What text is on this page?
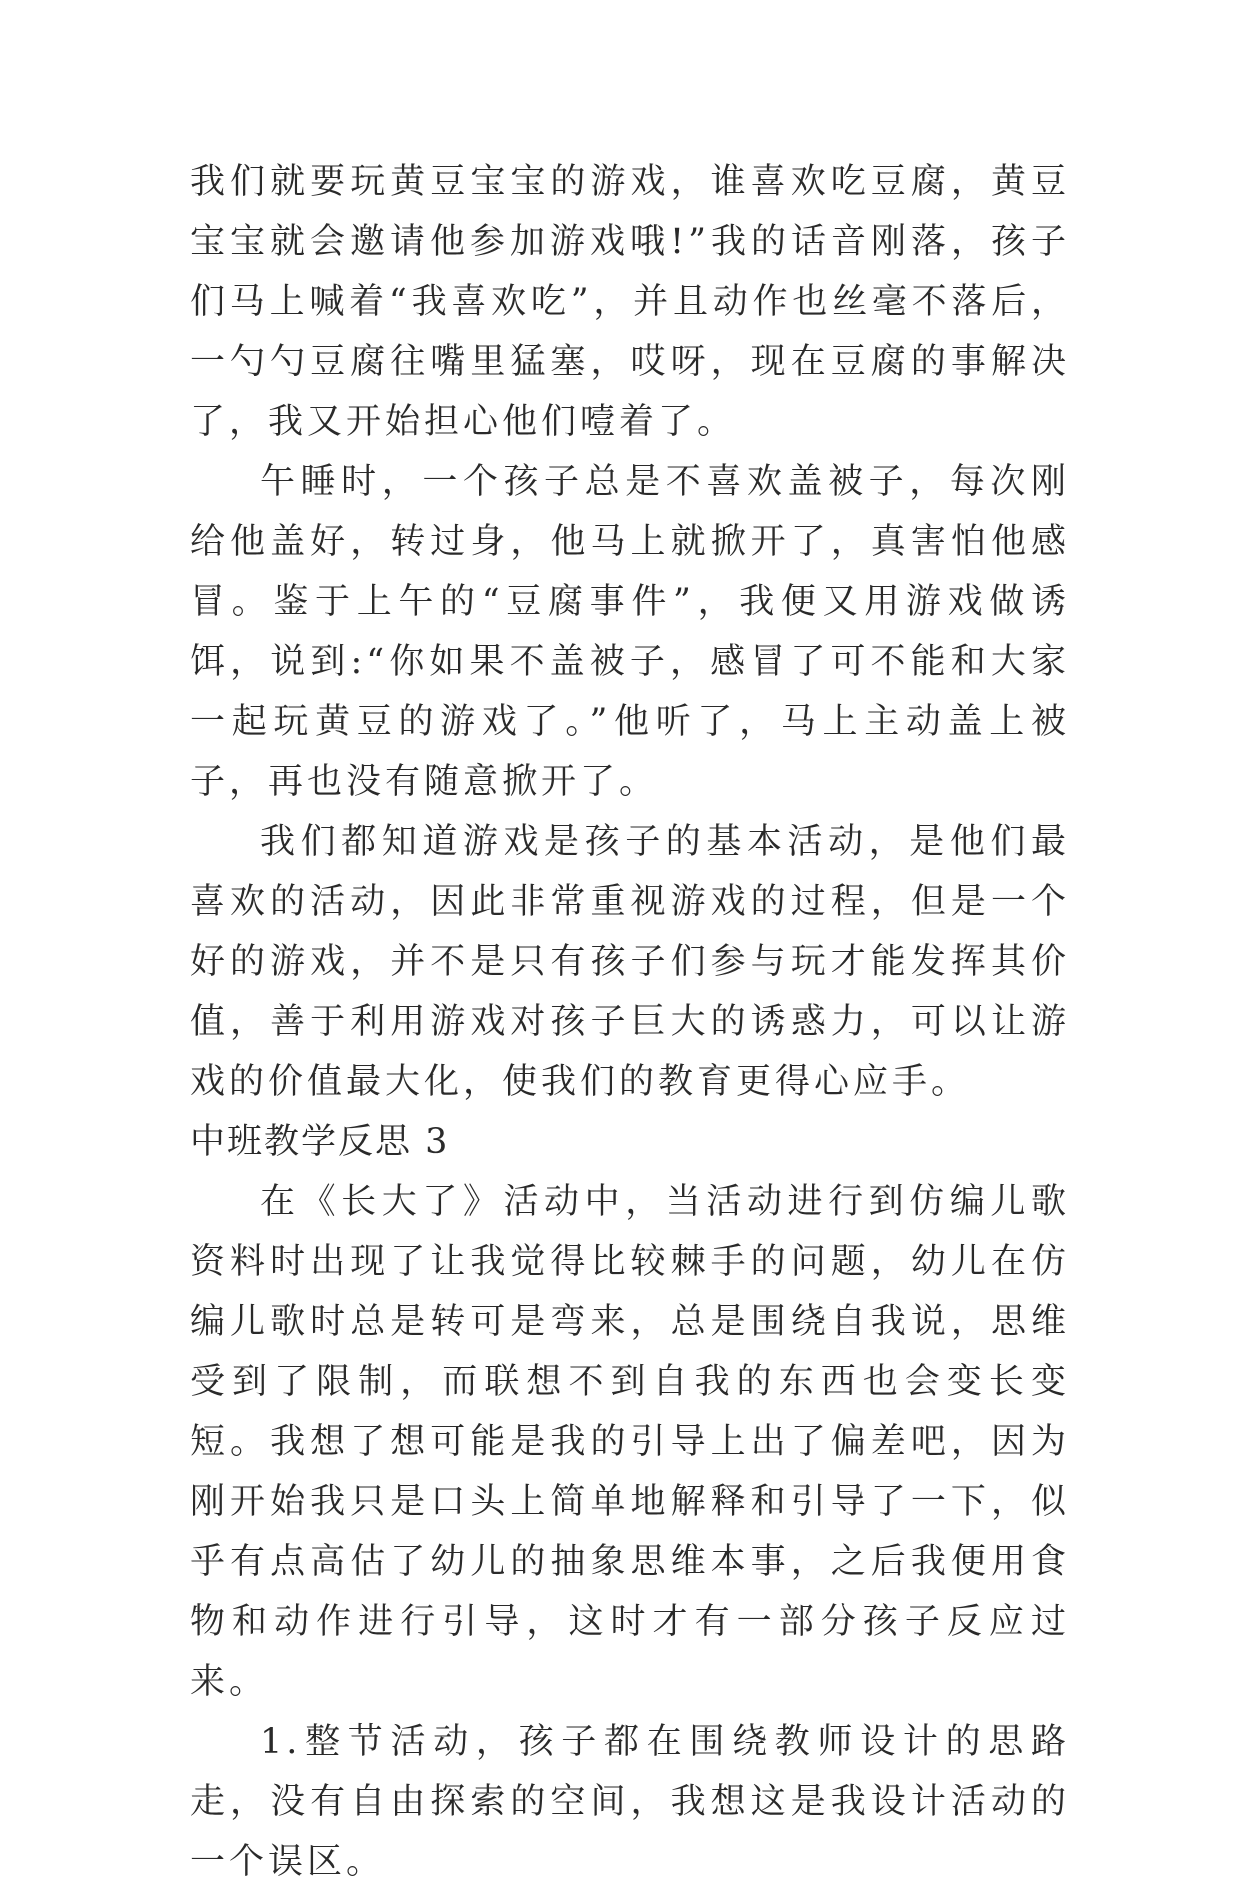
我们就要玩黄豆宝宝的游戏，谁喜欢吃豆腐，黄豆宝宝就会邀请他参加游戏哦!”我的话音刚落，孩子们马上喊着“我喜欢吃”，并且动作也丝毫不落后，一勺勺豆腐往嘴里猛塞，哎呀，现在豆腐的事解决了，我又开始担心他们噎着了。

午睡时，一个孩子总是不喜欢盖被子，每次刚给他盖好，转过身，他马上就掀开了，真害怕他感冒。鉴于上午的“豆腐事件”，我便又用游戏做诱饵，说到:“你如果不盖被子，感冒了可不能和大家一起玩黄豆的游戏了。”他听了，马上主动盖上被子，再也没有随意掀开了。

我们都知道游戏是孩子的基本活动，是他们最喜欢的活动，因此非常重视游戏的过程，但是一个好的游戏，并不是只有孩子们参与玩才能发挥其价值，善于利用游戏对孩子巨大的诱惑力，可以让游戏的价值最大化，使我们的教育更得心应手。

中班教学反思 3

在《长大了》活动中，当活动进行到仿编儿歌资料时出现了让我觉得比较棘手的问题，幼儿在仿编儿歌时总是转可是弯来，总是围绕自我说，思维受到了限制，而联想不到自我的东西也会变长变短。我想了想可能是我的引导上出了偏差吧，因为刚开始我只是口头上简单地解释和引导了一下，似乎有点高估了幼儿的抽象思维本事，之后我便用食物和动作进行引导，这时才有一部分孩子反应过来。

1.整节活动，孩子都在围绕教师设计的思路走，没有自由探索的空间，我想这是我设计活动的一个误区。
